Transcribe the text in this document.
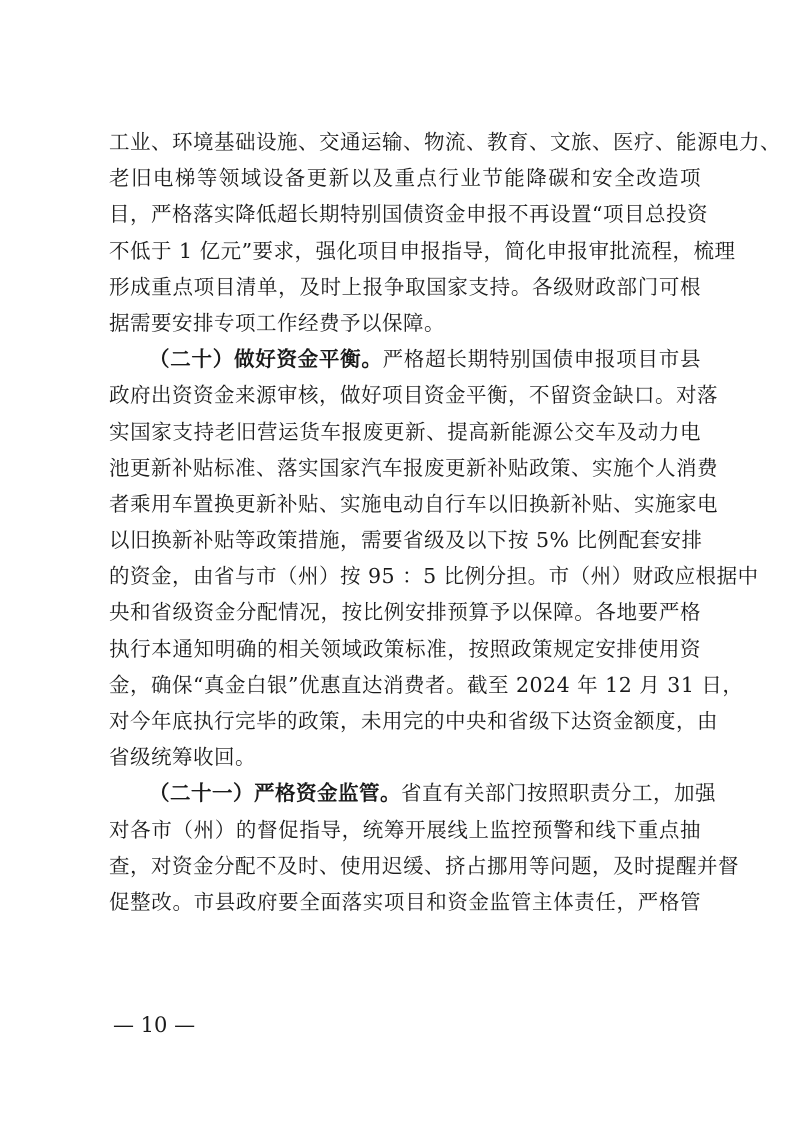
工业、环境基础设施、交通运输、物流、教育、文旅、医疗、能源电力、
老旧电梯等领域设备更新以及重点行业节能降碳和安全改造项
目，严格落实降低超长期特别国债资金申报不再设置“项目总投资
不低于 1 亿元”要求，强化项目申报指导，简化申报审批流程，梳理
形成重点项目清单，及时上报争取国家支持。各级财政部门可根
据需要安排专项工作经费予以保障。
（二十）做好资金平衡。严格超长期特别国债申报项目市县
政府出资资金来源审核，做好项目资金平衡，不留资金缺口。对落
实国家支持老旧营运货车报废更新、提高新能源公交车及动力电
池更新补贴标准、落实国家汽车报废更新补贴政策、实施个人消费
者乘用车置换更新补贴、实施电动自行车以旧换新补贴、实施家电
以旧换新补贴等政策措施，需要省级及以下按 5% 比例配套安排
的资金，由省与市（州）按 95 ：5 比例分担。市（州）财政应根据中
央和省级资金分配情况，按比例安排预算予以保障。各地要严格
执行本通知明确的相关领域政策标准，按照政策规定安排使用资
金，确保“真金白银”优惠直达消费者。截至 2024 年 12 月 31 日，
对今年底执行完毕的政策，未用完的中央和省级下达资金额度，由
省级统筹收回。
（二十一）严格资金监管。省直有关部门按照职责分工，加强
对各市（州）的督促指导，统筹开展线上监控预警和线下重点抽
查，对资金分配不及时、使用迟缓、挤占挪用等问题，及时提醒并督
促整改。市县政府要全面落实项目和资金监管主体责任，严格管
— 10 —
